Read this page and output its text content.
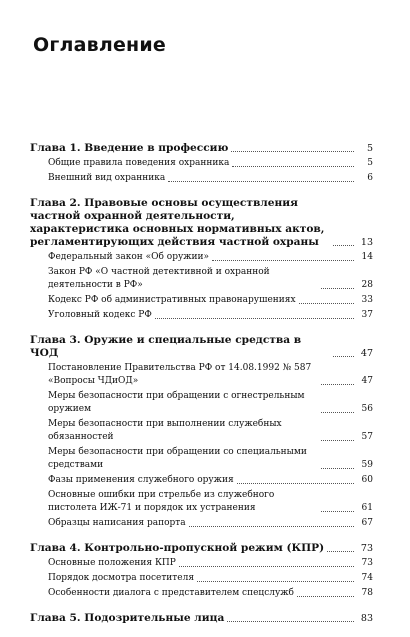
Оглавление
Глава 1. Введение в профессию	5
Общие правила поведения охранника	5
Внешний вид охранника	6
Глава 2. Правовые основы осуществления частной охранной деятельности, характеристика основных нормативных актов, регламентирующих действия частной охраны	13
Федеральный закон «Об оружии»	14
Закон РФ «О частной детективной и охранной деятельности в РФ»	28
Кодекс РФ об административных правонарушениях	33
Уголовный кодекс РФ	37
Глава 3. Оружие и специальные средства в ЧОД	47
Постановление Правительства РФ от 14.08.1992 № 587 «Вопросы ЧДиОД»	47
Меры безопасности при обращении с огнестрельным оружием	56
Меры безопасности при выполнении служебных обязанностей	57
Меры безопасности при обращении со специальными средствами	59
Фазы применения служебного оружия	60
Основные ошибки при стрельбе из служебного пистолета ИЖ-71 и порядок их устранения	61
Образцы написания рапорта	67
Глава 4. Контрольно-пропускной режим (КПР)	73
Основные положения КПР	73
Порядок досмотра посетителя	74
Особенности диалога с представителем спецслужб	78
Глава 5. Подозрительные лица	83
